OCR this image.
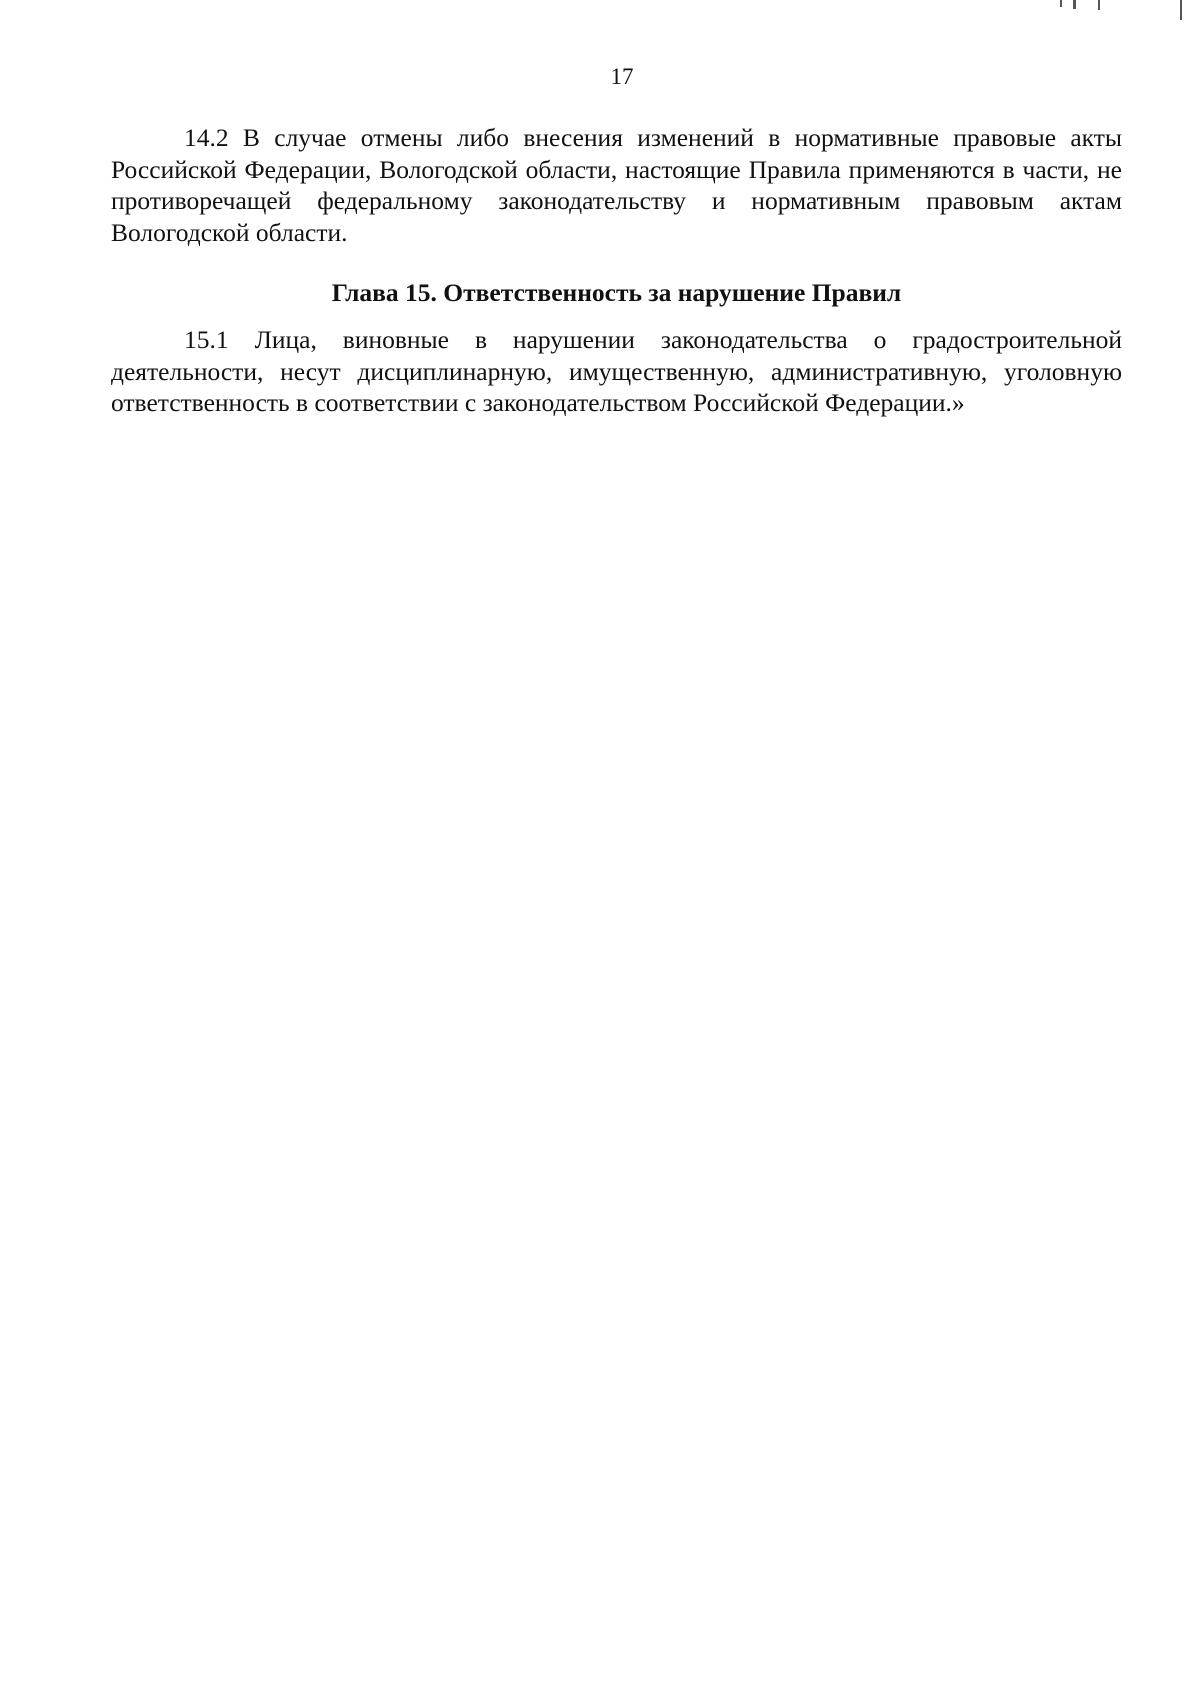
17

14.2 В случае отмены либо внесения изменений в нормативные правовые акты Российской Федерации, Вологодской области, настоящие Правила применяются в части, не противоречащей федеральному законодательству и нормативным правовым актам Вологодской области.

Глава 15. Ответственность за нарушение Правил

15.1 Лица, виновные в нарушении законодательства о градостроительной деятельности, несут дисциплинарную, имущественную, административную, уголовную ответственность в соответствии с законодательством Российской Федерации.»
